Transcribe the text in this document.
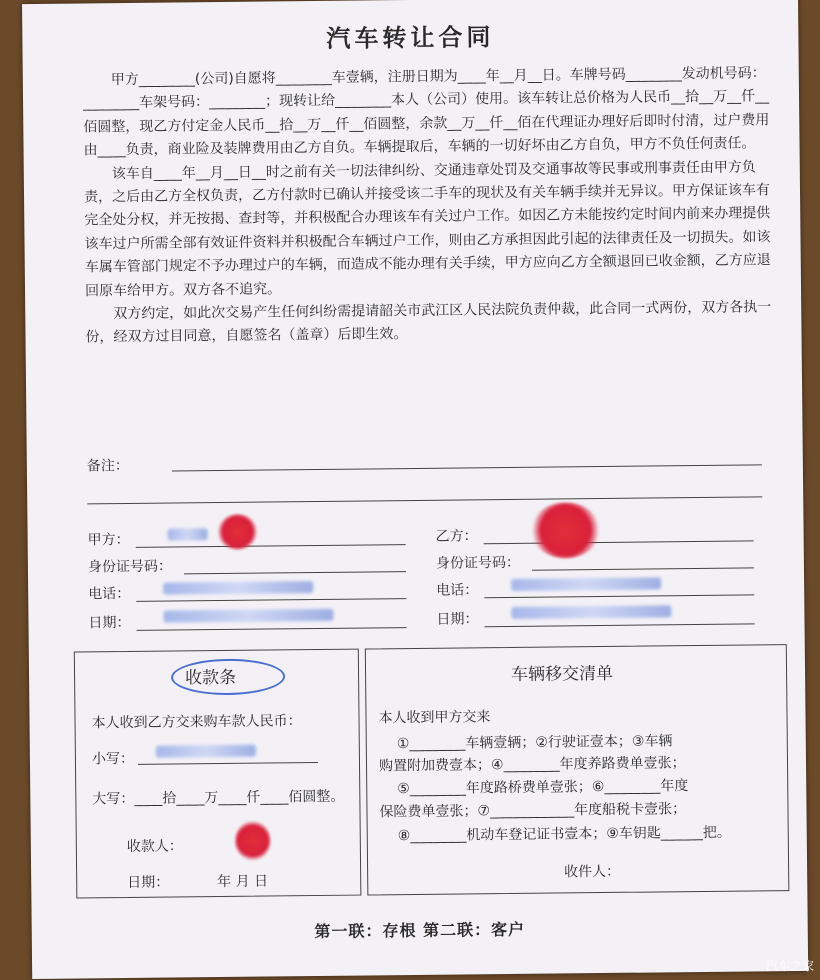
汽车转让合同

甲方________(公司)自愿将________车壹辆，注册日期为____年__月__日。车牌号码________发动机号码：________车架号码：________；现转让给________本人（公司）使用。该车转让总价格为人民币__拾__万__仟__佰圆整，现乙方付定金人民币__拾__万__仟__佰圆整，余款__万__仟__佰在代理证办理好后即时付清，过户费用由____负责，商业险及装牌费用由乙方自负。车辆提取后，车辆的一切好坏由乙方自负，甲方不负任何责任。

该车自____年__月__日__时之前有关一切法律纠纷、交通违章处罚及交通事故等民事或刑事责任由甲方负责，之后由乙方全权负责，乙方付款时已确认并接受该二手车的现状及有关车辆手续并无异议。甲方保证该车有完全处分权，并无按揭、查封等，并积极配合办理该车有关过户工作。如因乙方未能按约定时间内前来办理提供该车过户所需全部有效证件资料并积极配合车辆过户工作，则由乙方承担因此引起的法律责任及一切损失。如该车属车管部门规定不予办理过户的车辆，而造成不能办理有关手续，甲方应向乙方全额退回已收金额，乙方应退回原车给甲方。双方各不追究。

双方约定，如此次交易产生任何纠纷需提请韶关市武江区人民法院负责仲裁，此合同一式两份，双方各执一份，经双方过目同意，自愿签名（盖章）后即生效。

备注：
甲方：
身份证号码：
电话：
日期：
乙方：
身份证号码：
电话：
日期：
收款条
本人收到乙方交来购车款人民币：
小写：
大写： ____拾____万____仟____佰圆整。
收款人：
日期：	年 月 日
车辆移交清单
本人收到甲方交来
①________车辆壹辆；②行驶证壹本；③车辆
购置附加费壹本；④________年度养路费单壹张；
⑤________年度路桥费单壹张；⑥________年度
保险费单壹张；⑦____________年度船税卡壹张；
⑧________机动车登记证书壹本；⑨车钥匙______把。
收件人：
第一联：存根 第二联：客户
汽车之家
